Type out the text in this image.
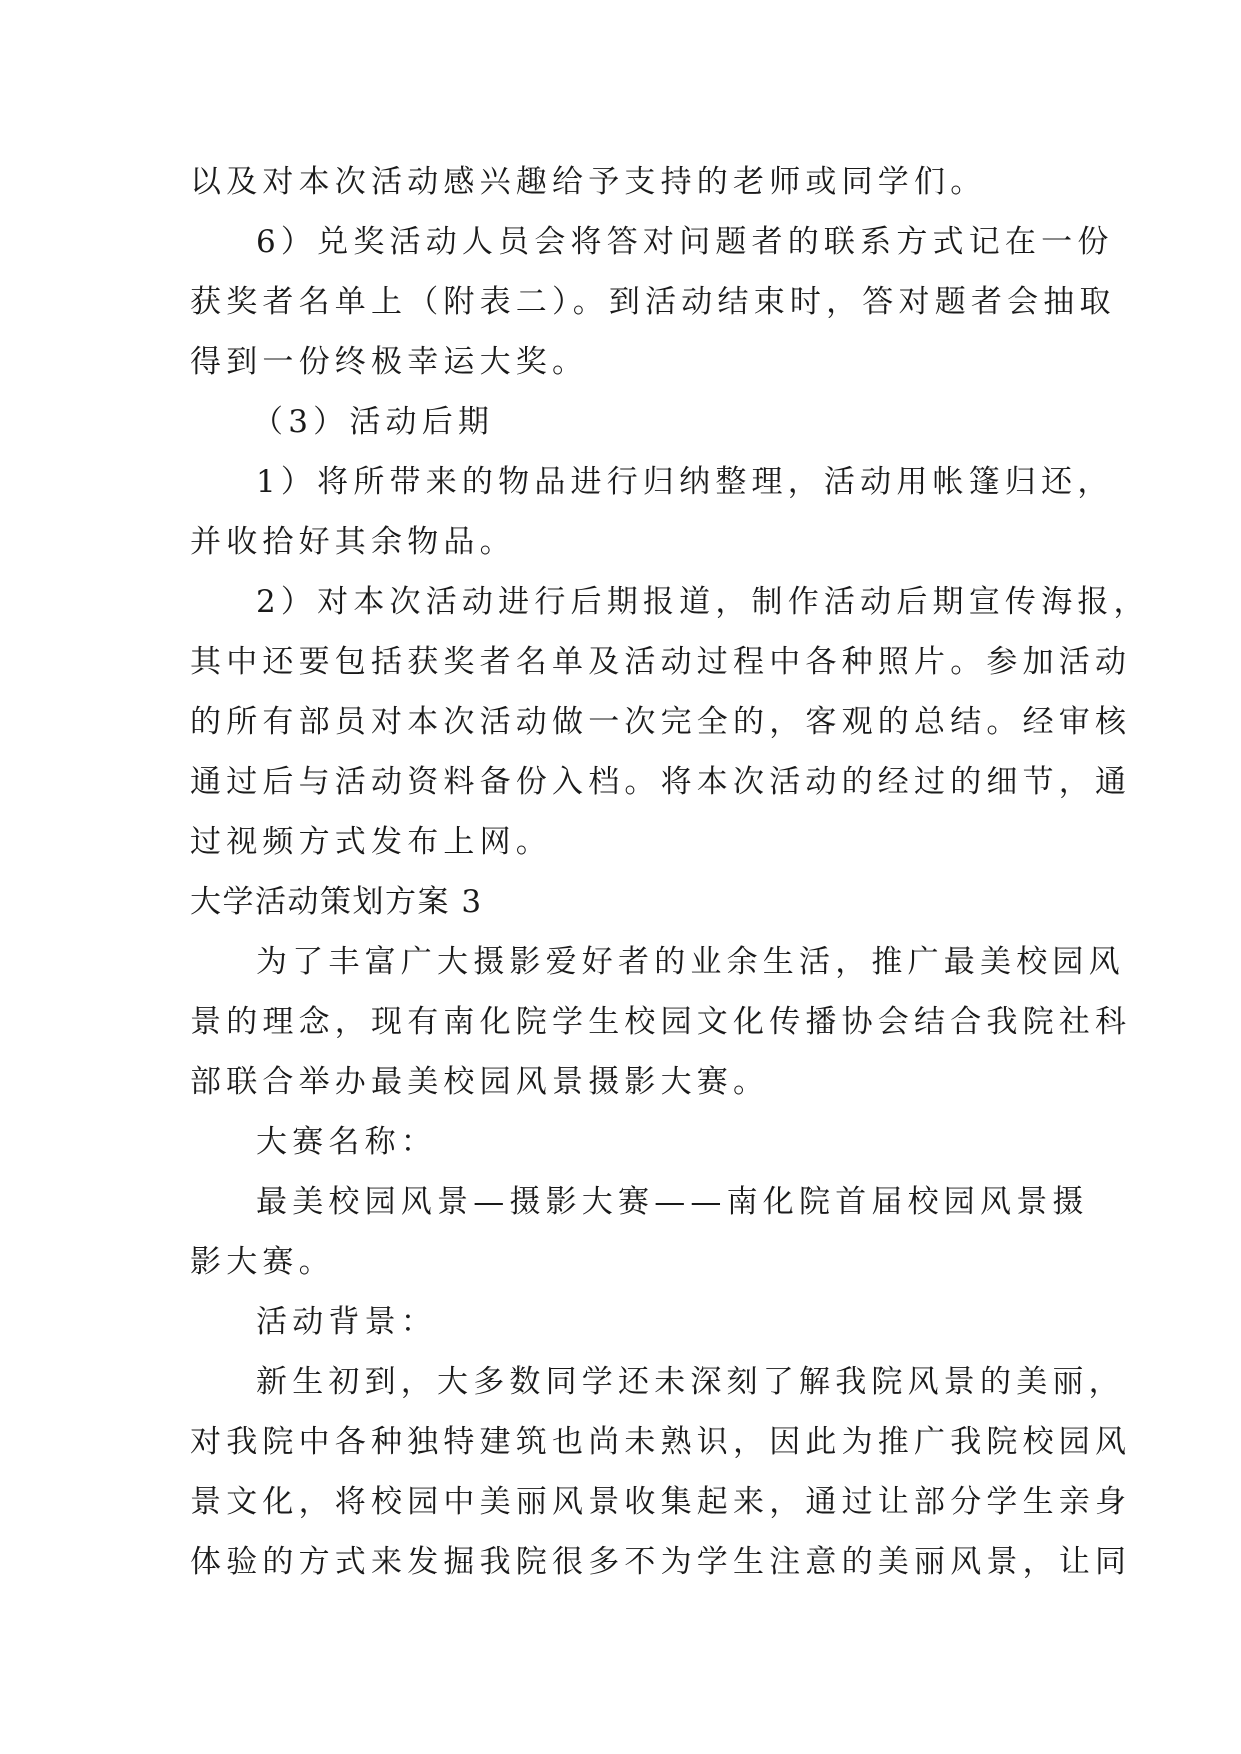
以及对本次活动感兴趣给予支持的老师或同学们。
6）兑奖活动人员会将答对问题者的联系方式记在一份
获奖者名单上（附表二）。到活动结束时，答对题者会抽取
得到一份终极幸运大奖。
（3）活动后期
1）将所带来的物品进行归纳整理，活动用帐篷归还，
并收拾好其余物品。
2）对本次活动进行后期报道，制作活动后期宣传海报，
其中还要包括获奖者名单及活动过程中各种照片。参加活动
的所有部员对本次活动做一次完全的，客观的总结。经审核
通过后与活动资料备份入档。将本次活动的经过的细节，通
过视频方式发布上网。
大学活动策划方案 3
为了丰富广大摄影爱好者的业余生活，推广最美校园风
景的理念，现有南化院学生校园文化传播协会结合我院社科
部联合举办最美校园风景摄影大赛。
大赛名称：
最美校园风景—摄影大赛——南化院首届校园风景摄
影大赛。
活动背景：
新生初到，大多数同学还未深刻了解我院风景的美丽，
对我院中各种独特建筑也尚未熟识，因此为推广我院校园风
景文化，将校园中美丽风景收集起来，通过让部分学生亲身
体验的方式来发掘我院很多不为学生注意的美丽风景，让同
